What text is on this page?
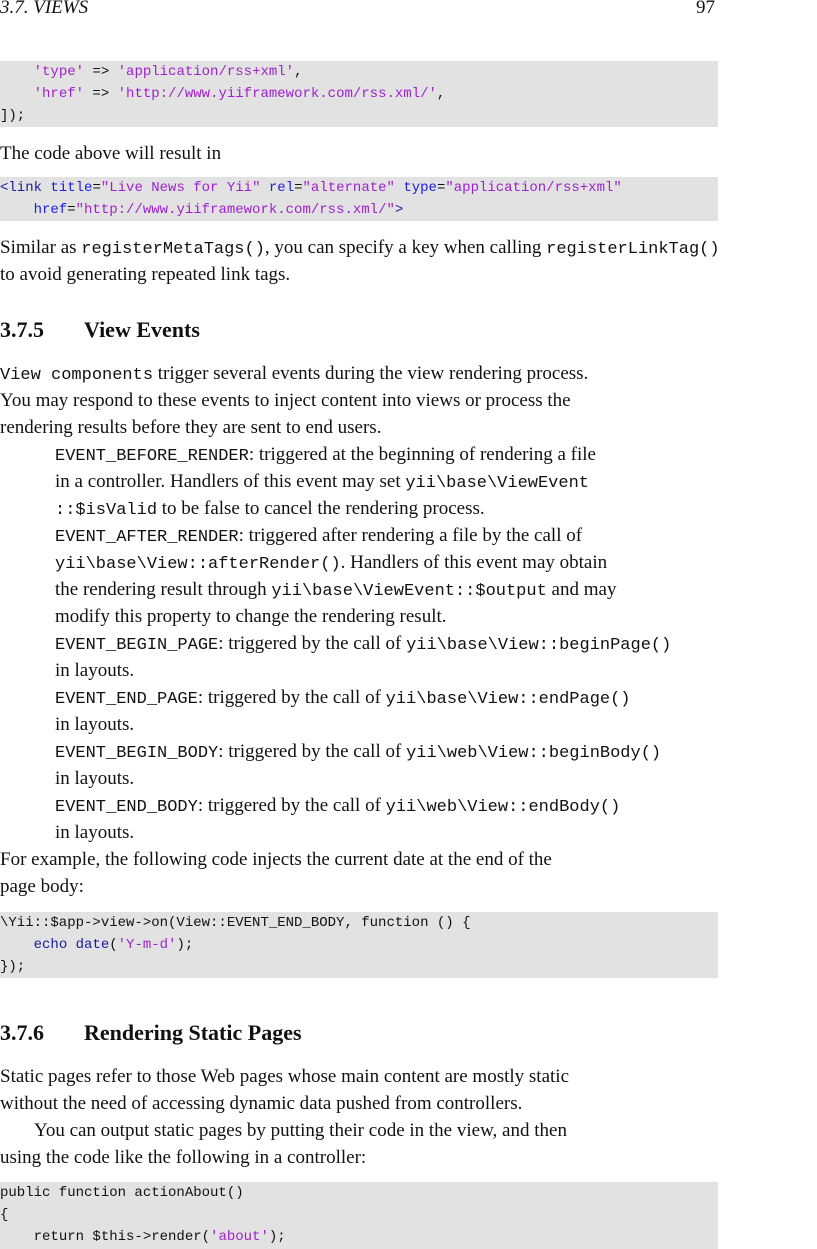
3.7. VIEWS	97
'type' => 'application/rss+xml',
'href' => 'http://www.yiiframework.com/rss.xml/',
]);
The code above will result in
<link title="Live News for Yii" rel="alternate" type="application/rss+xml"
href="http://www.yiiframework.com/rss.xml/">
Similar as registerMetaTags(), you can specify a key when calling registerLinkTag()
to avoid generating repeated link tags.
3.7.5 View Events
View components trigger several events during the view rendering process.
You may respond to these events to inject content into views or process the
rendering results before they are sent to end users.
EVENT_BEFORE_RENDER: triggered at the beginning of rendering a file
in a controller. Handlers of this event may set yii\base\ViewEvent
::$isValid to be false to cancel the rendering process.
EVENT_AFTER_RENDER: triggered after rendering a file by the call of
yii\base\View::afterRender(). Handlers of this event may obtain
the rendering result through yii\base\ViewEvent::$output and may
modify this property to change the rendering result.
EVENT_BEGIN_PAGE: triggered by the call of yii\base\View::beginPage()
in layouts.
EVENT_END_PAGE: triggered by the call of yii\base\View::endPage()
in layouts.
EVENT_BEGIN_BODY: triggered by the call of yii\web\View::beginBody()
in layouts.
EVENT_END_BODY: triggered by the call of yii\web\View::endBody()
in layouts.
For example, the following code injects the current date at the end of the
page body:
\Yii::$app->view->on(View::EVENT_END_BODY, function () {
echo date('Y-m-d');
});
3.7.6 Rendering Static Pages
Static pages refer to those Web pages whose main content are mostly static
without the need of accessing dynamic data pushed from controllers.
You can output static pages by putting their code in the view, and then
using the code like the following in a controller:
public function actionAbout()
{
return $this->render('about');
